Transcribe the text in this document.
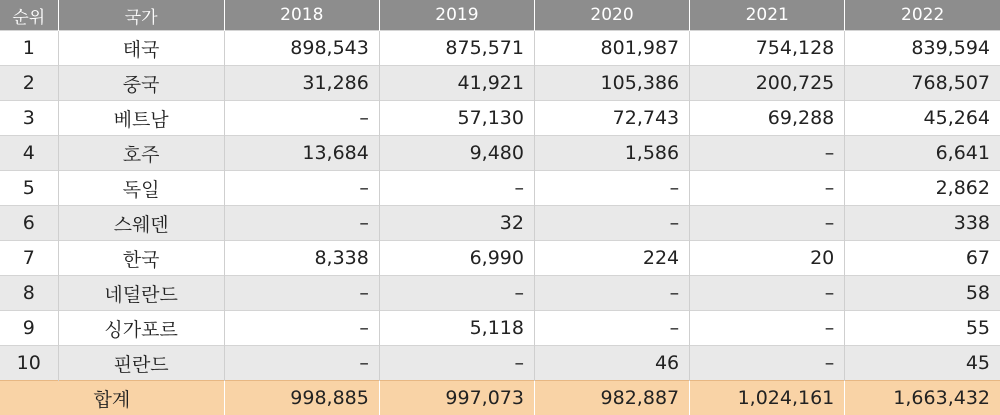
순위	국가	2018	2019	2020	2021	2022
1	태국	898,543	875,571	801,987	754,128	839,594
2	중국	31,286	41,921	105,386	200,725	768,507
3	베트남	–	57,130	72,743	69,288	45,264
4	호주	13,684	9,480	1,586	–	6,641
5	독일	–	–	–	–	2,862
6	스웨덴	–	32	–	–	338
7	한국	8,338	6,990	224	20	67
8	네덜란드	–	–	–	–	58
9	싱가포르	–	5,118	–	–	55
10	핀란드	–	–	46	–	45
합계		998,885	997,073	982,887	1,024,161	1,663,432
